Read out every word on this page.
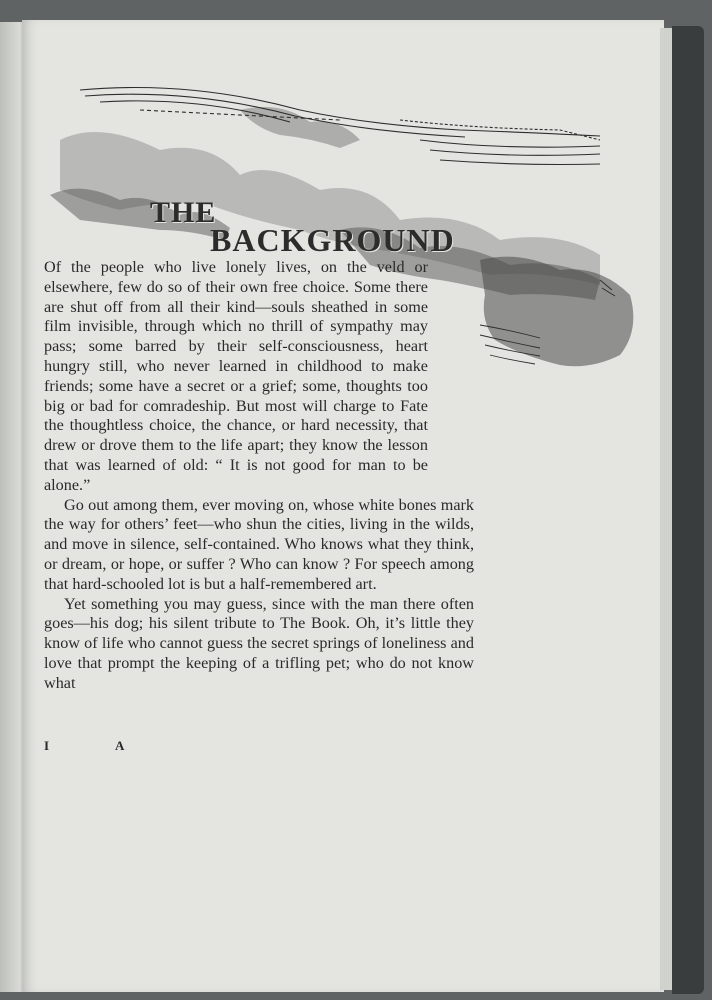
THE
BACKGROUND

Of the people who live lonely lives, on the veld or elsewhere, few do so of their own free choice. Some there are shut off from all their kind—souls sheathed in some film invisible, through which no thrill of sympathy may pass; some barred by their self-consciousness, heart hungry still, who never learned in childhood to make friends; some have a secret or a grief; some, thoughts too big or bad for comradeship. But most will charge to Fate the thoughtless choice, the chance, or hard necessity, that drew or drove them to the life apart; they know the lesson that was learned of old: “ It is not good for man to be alone.”

Go out among them, ever moving on, whose white bones mark the way for others’ feet—who shun the cities, living in the wilds, and move in silence, self-contained. Who knows what they think, or dream, or hope, or suffer ? Who can know ? For speech among that hard-schooled lot is but a half-remembered art.

Yet something you may guess, since with the man there often goes—his dog; his silent tribute to The Book. Oh, it’s little they know of life who cannot guess the secret springs of loneliness and love that prompt the keeping of a trifling pet; who do not know what

I	A
